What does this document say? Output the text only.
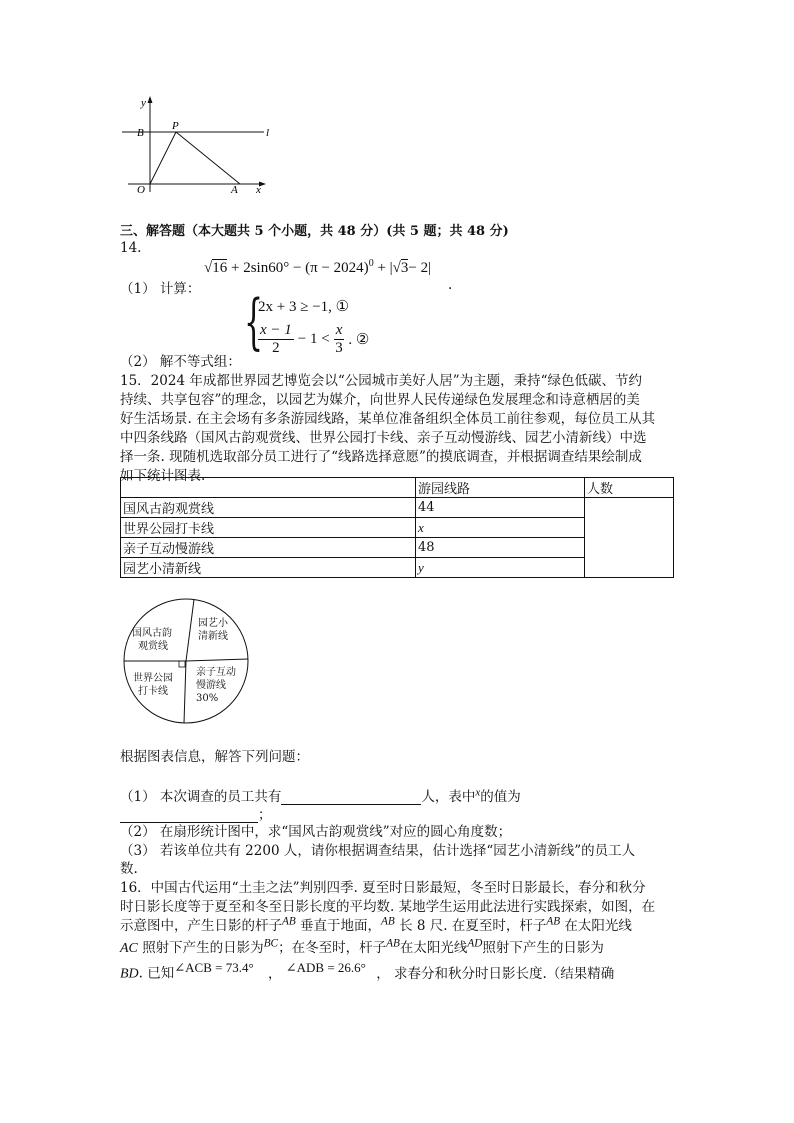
y
B
P
l
O	A x
三、解答题（本大题共 5 个小题，共 48 分）(共 5 题；共 48 分)
14.
$√16 + 2\sin 60^\circ - (\pi - 2024)^0 + |√3- 2|$
（1） 计算：	.
{
2x + 3 ≥ −1, ①
$\frac{x - 1}{2} - 1$ <
x
3 . ②
（2） 解不等式组：
15．2024 年成都世界园艺博览会以“公园城市美好人居”为主题，秉持“绿色低碳、节约
持续、共享包容”的理念，以园艺为媒介，向世界人民传递绿色发展理念和诗意栖居的美
好生活场景. 在主会场有多条游园线路，某单位准备组织全体员工前往参观，每位员工从其
中四条线路（国风古韵观赏线、世界公园打卡线、亲子互动慢游线、园艺小清新线）中选
择一条. 现随机选取部分员工进行了“线路选择意愿”的摸底调查，并根据调查结果绘制成
如下统计图表.
	游园线路	人数
国风古韵观赏线	44	
世界公园打卡线	x	
亲子互动慢游线	48	
园艺小清新线	y	
国风古韵
观赏线
园艺小
清新线
亲子互动
慢游线
30%
世界公园
打卡线
根据图表信息，解答下列问题：
（1） 本次调查的员工共有	人，表中$^x$的值为
；
（2） 在扇形统计图中，求“国风古韵观赏线”对应的圆心角度数；
（3） 若该单位共有 2200 人，请你根据调查结果，估计选择“园艺小清新线”的员工人
数.
16．中国古代运用“土圭之法”判别四季. 夏至时日影最短，冬至时日影最长，春分和秋分
时日影长度等于夏至和冬至日影长度的平均数. 某地学生运用此法进行实践探索，如图，在
示意图中，产生日影的杆子$^{AB}$ 垂直于地面，$^{AB}$ 长 8 尺. 在夏至时，杆子$^{AB}$ 在太阳光线
AC 照射下产生的日影为$^{BC}$；在冬至时，杆子$^{AB}$在太阳光线$^{AD}$照射下产生的日影为
BD. 已知$^{\angle ACB = 73.4^\circ}$ ， $^{\angle ADB = 26.6^\circ}$ ， 求春分和秋分时日影长度.（结果精确
